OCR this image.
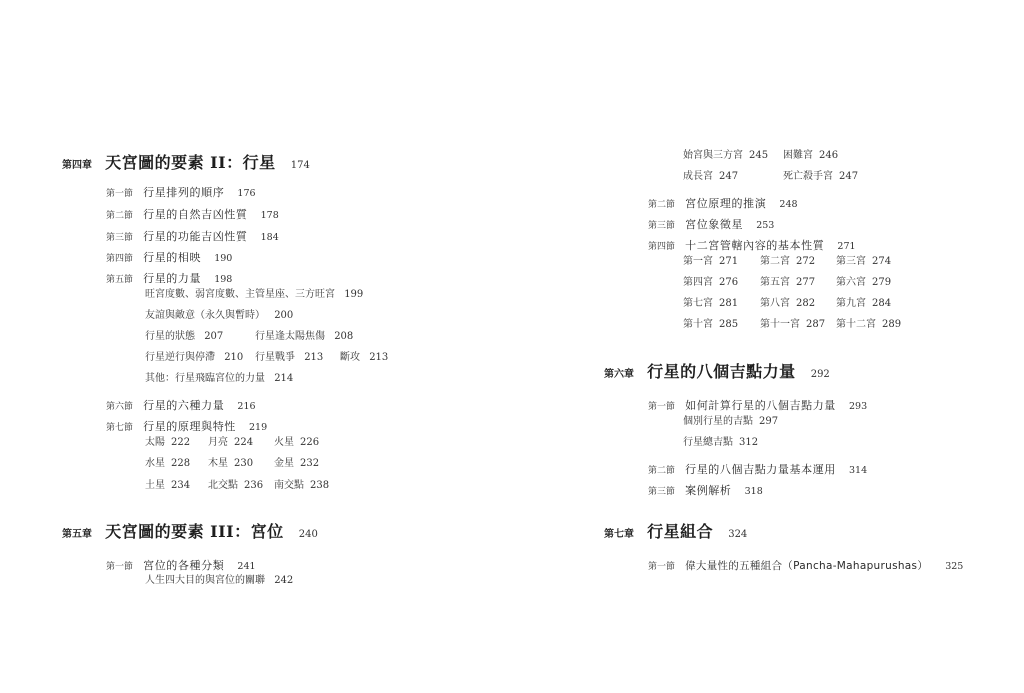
第四章 天宮圖的要素 II：行星 174
第一節 行星排列的順序 176
第二節 行星的自然吉凶性質 178
第三節 行星的功能吉凶性質 184
第四節 行星的相映 190
第五節 行星的力量 198
旺宮度數、弱宮度數、主管星座、三方旺宮 199
友誼與敵意（永久與暫時） 200
行星的狀態 207	行星逢太陽焦傷 208
行星逆行與停滯 210 行星戰爭 213 斷攻 213
其他：行星飛臨宮位的力量 214
第六節 行星的六種力量 216
第七節 行星的原理與特性 219
太陽 222 月亮 224 火星 226
水星 228 木星 230 金星 232
土星 234 北交點 236 南交點 238
第五章 天宮圖的要素 III：宮位 240
第一節 宮位的各種分類 241
人生四大目的與宮位的關聯 242
始宮與三方宮 245 困難宮 246
成長宮 247	死亡殺手宮 247
第二節 宮位原理的推演 248
第三節 宮位象徵星 253
第四節 十二宮管轄內容的基本性質 271
第一宮 271 第二宮 272 第三宮 274
第四宮 276 第五宮 277 第六宮 279
第七宮 281 第八宮 282 第九宮 284
第十宮 285 第十一宮 287 第十二宮 289
第六章 行星的八個吉點力量 292
第一節 如何計算行星的八個吉點力量 293
個別行星的吉點 297
行星總吉點 312
第二節 行星的八個吉點力量基本運用 314
第三節 案例解析 318
第七章 行星組合 324
第一節 偉大量性的五種組合（Pancha-Mahapurushas） 325
